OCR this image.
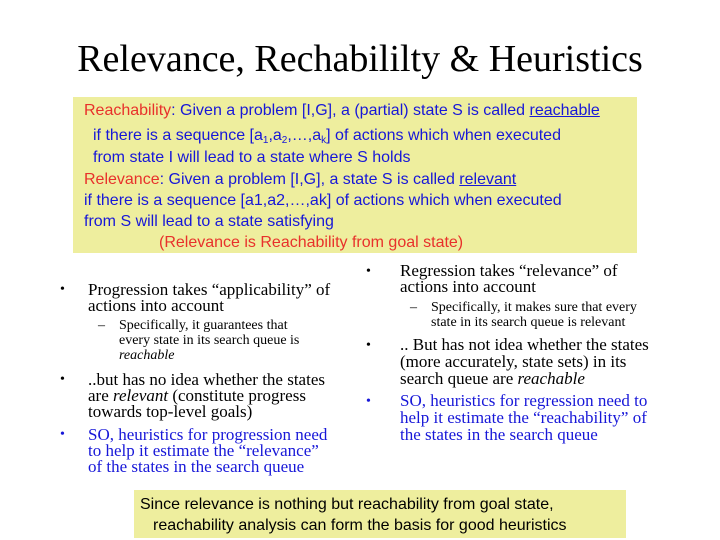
Relevance, Rechabililty & Heuristics
Reachability: Given a problem [I,G], a (partial) state S is called reachable
if there is a sequence $[a_1,a_2,\dots,a_k]$ of actions which when executed
from state I will lead to a state where S holds
Relevance: Given a problem [I,G], a state S is called relevant
if there is a sequence [a1,a2,…,ak] of actions which when executed
from S will lead to a state satisfying
(Relevance is Reachability from goal state)
• Progression takes “applicability” of
actions into account
– Specifically, it guarantees that
every state in its search queue is
reachable
• ..but has no idea whether the states
are relevant (constitute progress
towards top-level goals)
• SO, heuristics for progression need
to help it estimate the “relevance”
of the states in the search queue
• Regression takes “relevance” of
actions into account
– Specifically, it makes sure that every
state in its search queue is relevant
• .. But has not idea whether the states
(more accurately, state sets) in its
search queue are reachable
• SO, heuristics for regression need to
help it estimate the “reachability” of
the states in the search queue
Since relevance is nothing but reachability from goal state,
reachability analysis can form the basis for good heuristics
